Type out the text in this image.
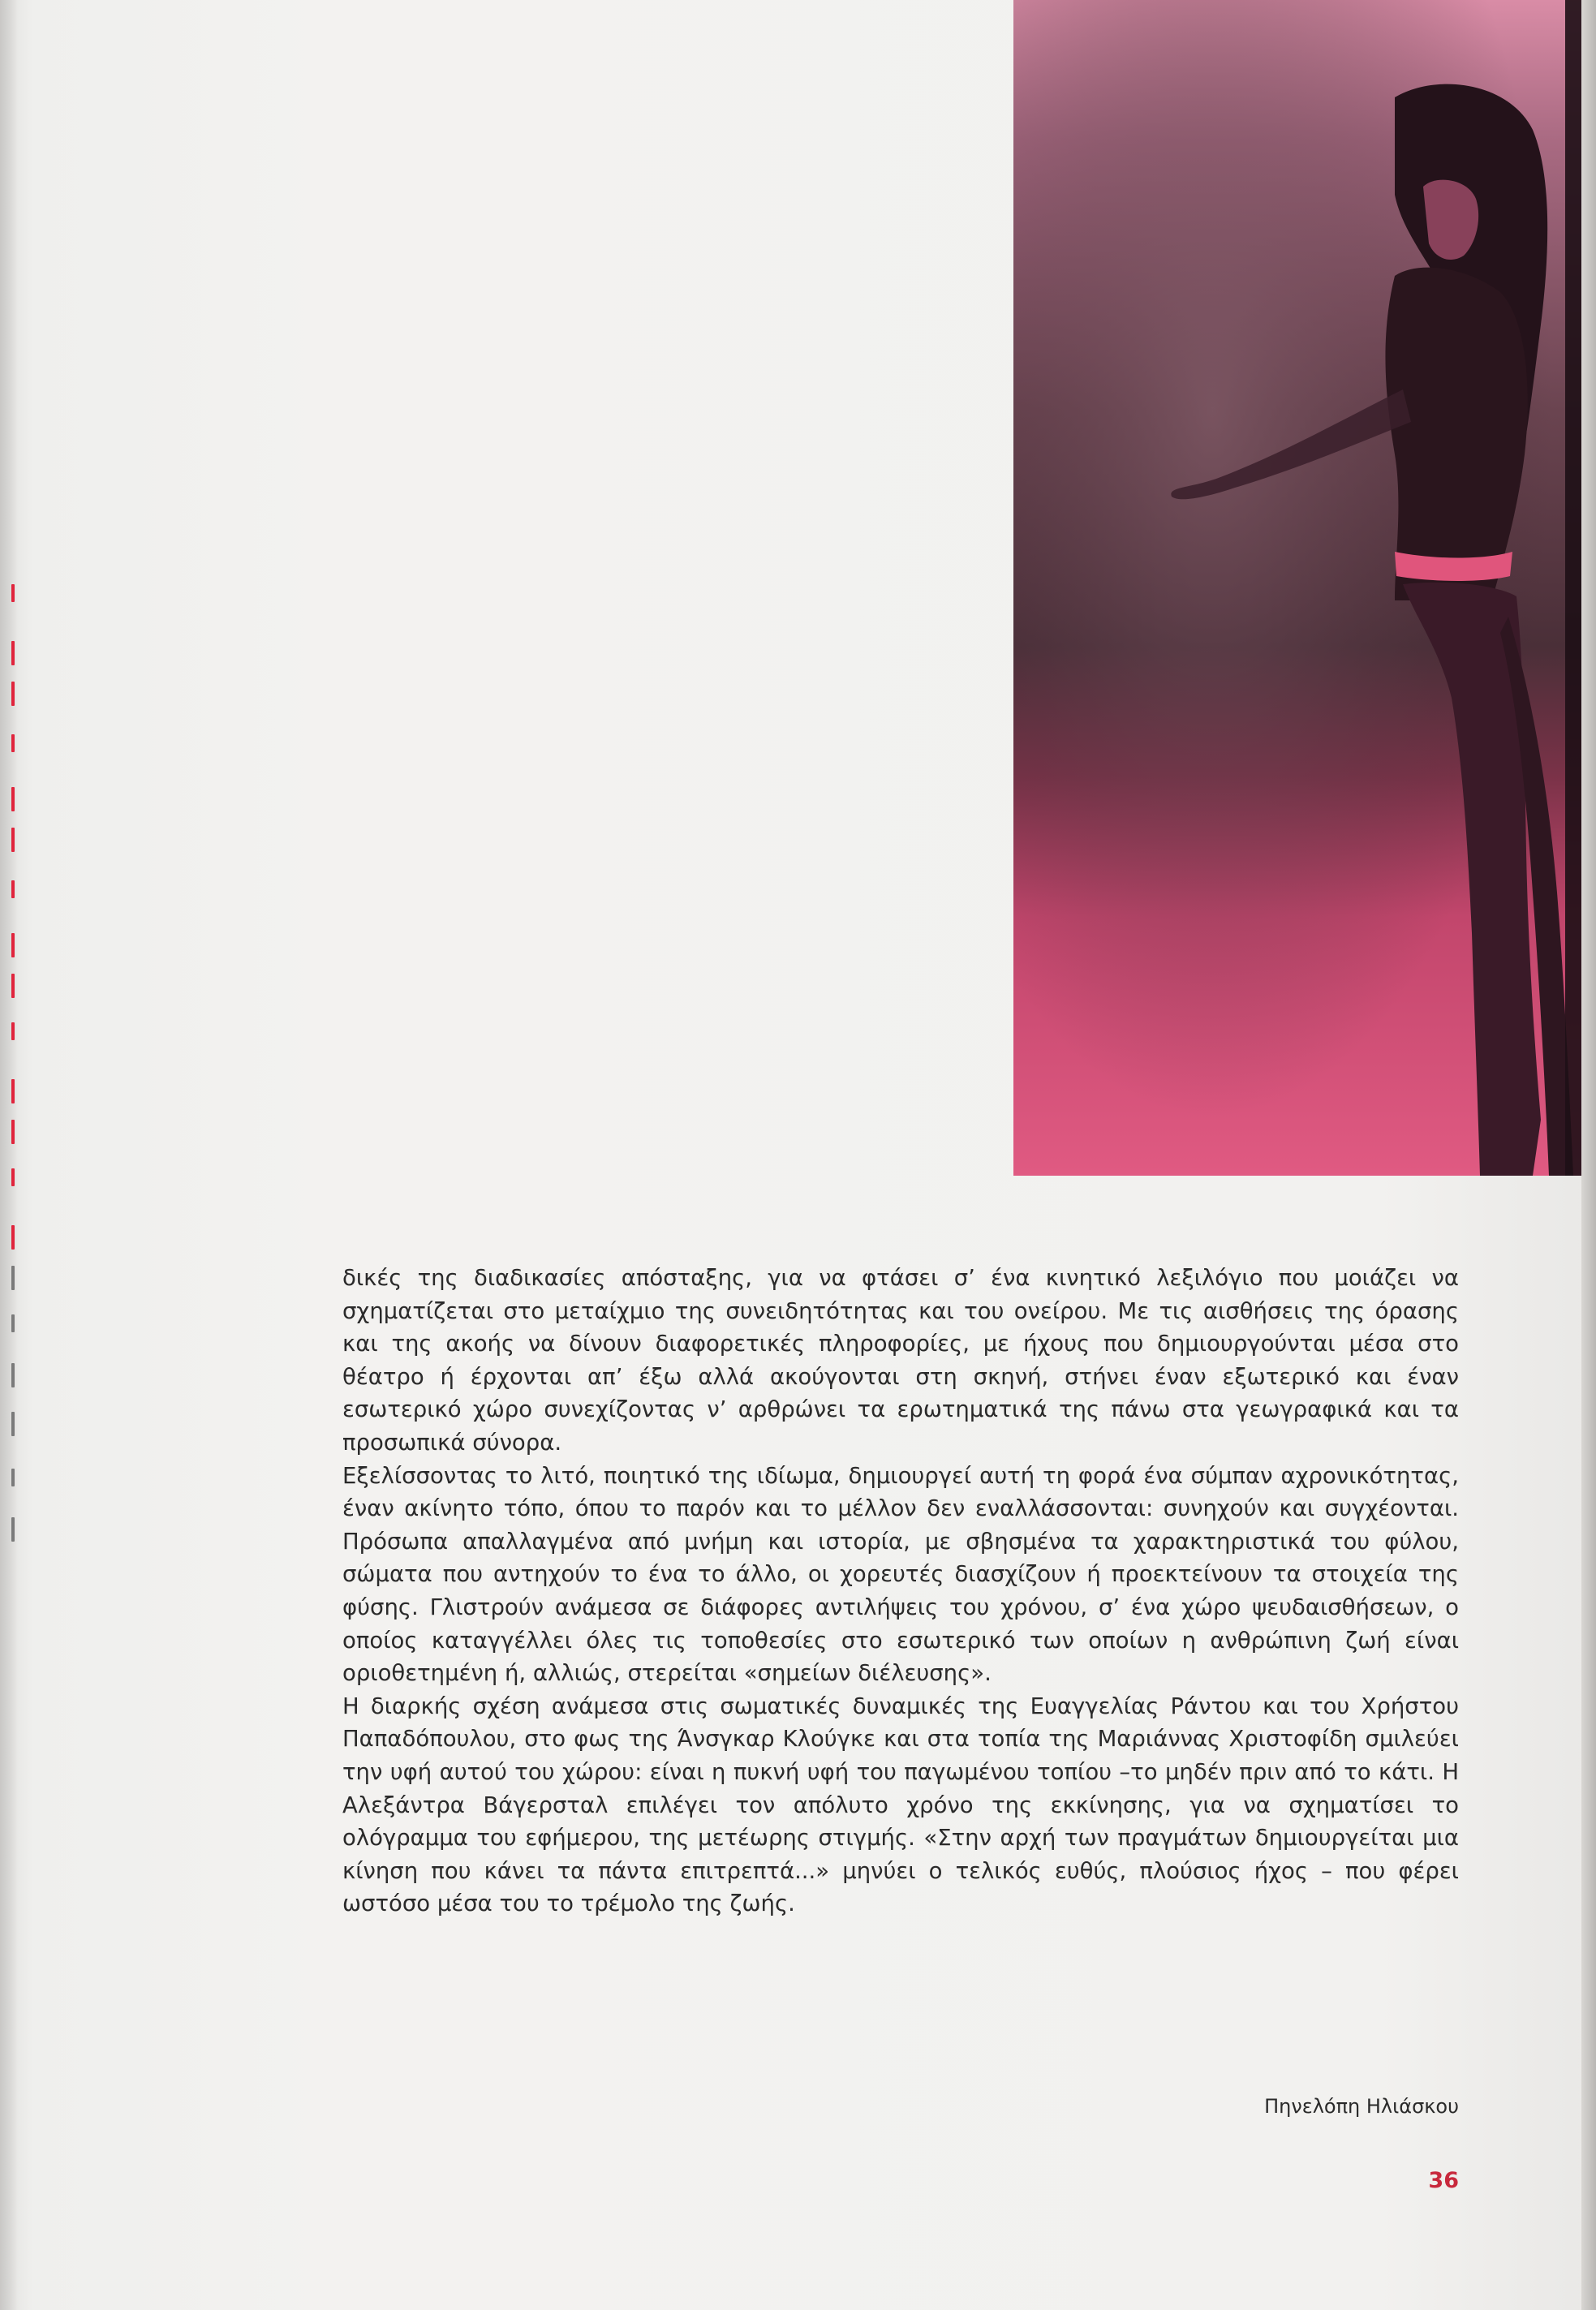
δικές της διαδικασίες απόσταξης, για να φτάσει σ’ ένα κινητικό λεξιλόγιο που μοιάζει να σχηματίζεται στο μεταίχμιο της συνειδητότητας και του ονείρου. Με τις αισθήσεις της όρασης και της ακοής να δίνουν διαφορετικές πληροφορίες, με ήχους που δημιουργούνται μέσα στο θέατρο ή έρχονται απ’ έξω αλλά ακούγονται στη σκηνή, στήνει έναν εξωτερικό και έναν εσωτερικό χώρο συνεχίζοντας ν’ αρθρώνει τα ερωτηματικά της πάνω στα γεωγραφικά και τα προσωπικά σύνορα.

Εξελίσσοντας το λιτό, ποιητικό της ιδίωμα, δημιουργεί αυτή τη φορά ένα σύμπαν αχρονικότητας, έναν ακίνητο τόπο, όπου το παρόν και το μέλλον δεν εναλλάσσονται: συνηχούν και συγχέονται. Πρόσωπα απαλλαγμένα από μνήμη και ιστορία, με σβησμένα τα χαρακτηριστικά του φύλου, σώματα που αντηχούν το ένα το άλλο, οι χορευτές διασχίζουν ή προεκτείνουν τα στοιχεία της φύσης. Γλιστρούν ανάμεσα σε διάφορες αντιλήψεις του χρόνου, σ’ ένα χώρο ψευδαισθήσεων, ο οποίος καταγγέλλει όλες τις τοποθεσίες στο εσωτερικό των οποίων η ανθρώπινη ζωή είναι οριοθετημένη ή, αλλιώς, στερείται «σημείων διέλευσης».

Η διαρκής σχέση ανάμεσα στις σωματικές δυναμικές της Ευαγγελίας Ράντου και του Χρήστου Παπαδόπουλου, στο φως της Άνσγκαρ Κλούγκε και στα τοπία της Μαριάννας Χριστοφίδη σμιλεύει την υφή αυτού του χώρου: είναι η πυκνή υφή του παγωμένου τοπίου –το μηδέν πριν από το κάτι. Η Αλεξάντρα Βάγερσταλ επιλέγει τον απόλυτο χρόνο της εκκίνησης, για να σχηματίσει το ολόγραμμα του εφήμερου, της μετέωρης στιγμής. «Στην αρχή των πραγμάτων δημιουργείται μια κίνηση που κάνει τα πάντα επιτρεπτά...» μηνύει ο τελικός ευθύς, πλούσιος ήχος – που φέρει ωστόσο μέσα του το τρέμολο της ζωής.

Πηνελόπη Ηλιάσκου
36
